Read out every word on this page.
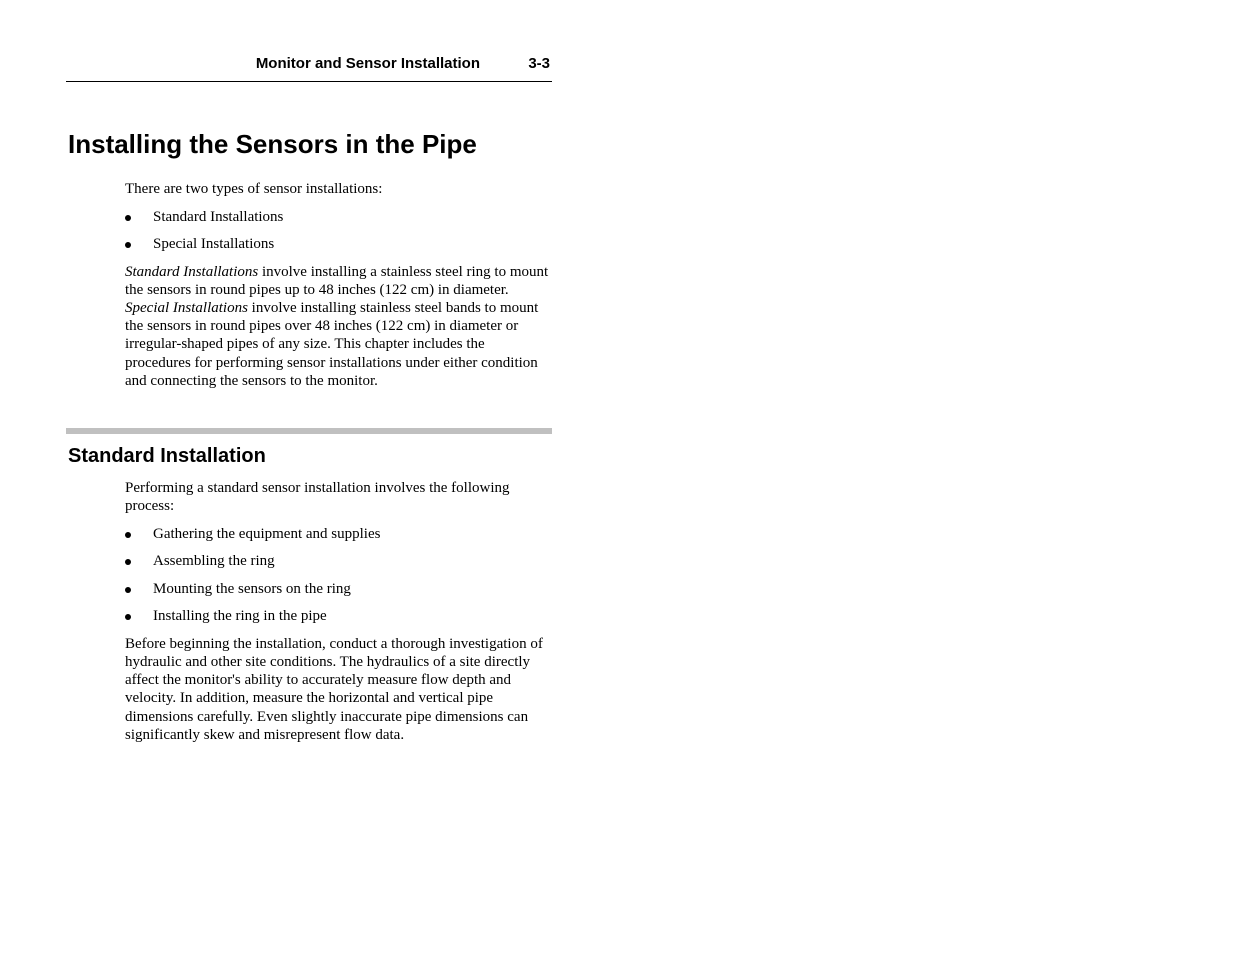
Monitor and Sensor Installation	3-3
Installing the Sensors in the Pipe

There are two types of sensor installations:

Standard Installations
Special Installations

Standard Installations involve installing a stainless steel ring to mount the sensors in round pipes up to 48 inches (122 cm) in diameter. Special Installations involve installing stainless steel bands to mount the sensors in round pipes over 48 inches (122 cm) in diameter or irregular-shaped pipes of any size. This chapter includes the procedures for performing sensor installations under either condition and connecting the sensors to the monitor.

Standard Installation

Performing a standard sensor installation involves the following process:

Gathering the equipment and supplies
Assembling the ring
Mounting the sensors on the ring
Installing the ring in the pipe

Before beginning the installation, conduct a thorough investigation of hydraulic and other site conditions. The hydraulics of a site directly affect the monitor's ability to accurately measure flow depth and velocity. In addition, measure the horizontal and vertical pipe dimensions carefully. Even slightly inaccurate pipe dimensions can significantly skew and misrepresent flow data.
